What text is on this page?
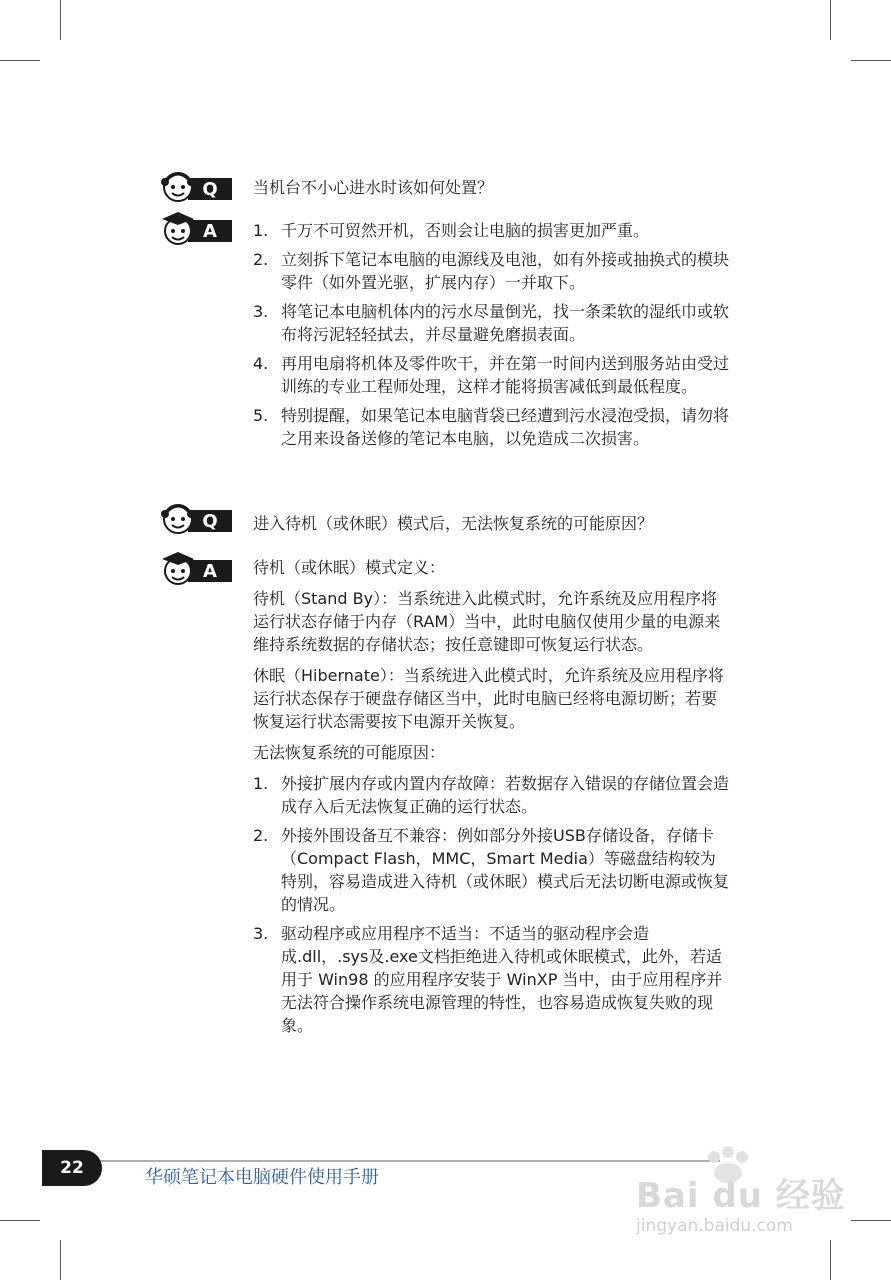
Q 当机台不小心进水时该如何处置？
A 1. 千万不可贸然开机，否则会让电脑的损害更加严重。
2. 立刻拆下笔记本电脑的电源线及电池，如有外接或抽换式的模块零件（如外置光驱，扩展内存）一并取下。
3. 将笔记本电脑机体内的污水尽量倒光，找一条柔软的湿纸巾或软布将污泥轻轻拭去，并尽量避免磨损表面。
4. 再用电扇将机体及零件吹干，并在第一时间内送到服务站由受过训练的专业工程师处理，这样才能将损害减低到最低程度。
5. 特别提醒，如果笔记本电脑背袋已经遭到污水浸泡受损，请勿将之用来设备送修的笔记本电脑，以免造成二次损害。
Q 进入待机（或休眠）模式后，无法恢复系统的可能原因？
A 待机（或休眠）模式定义：
待机（Stand By）：当系统进入此模式时，允许系统及应用程序将运行状态存储于内存（RAM）当中，此时电脑仅使用少量的电源来维持系统数据的存储状态；按任意键即可恢复运行状态。
休眠（Hibernate）：当系统进入此模式时，允许系统及应用程序将运行状态保存于硬盘存储区当中，此时电脑已经将电源切断；若要恢复运行状态需要按下电源开关恢复。
无法恢复系统的可能原因：
1. 外接扩展内存或内置内存故障：若数据存入错误的存储位置会造成存入后无法恢复正确的运行状态。
2. 外接外围设备互不兼容：例如部分外接USB存储设备，存储卡（Compact Flash，MMC，Smart Media）等磁盘结构较为特别，容易造成进入待机（或休眠）模式后无法切断电源或恢复的情况。
3. 驱动程序或应用程序不适当：不适当的驱动程序会造成.dll，.sys及.exe文档拒绝进入待机或休眠模式，此外，若适用于 Win98 的应用程序安装于 WinXP 当中，由于应用程序并无法符合操作系统电源管理的特性，也容易造成恢复失败的现象。
22	华硕笔记本电脑硬件使用手册	Bai du 经验
jingyan.baidu.com
